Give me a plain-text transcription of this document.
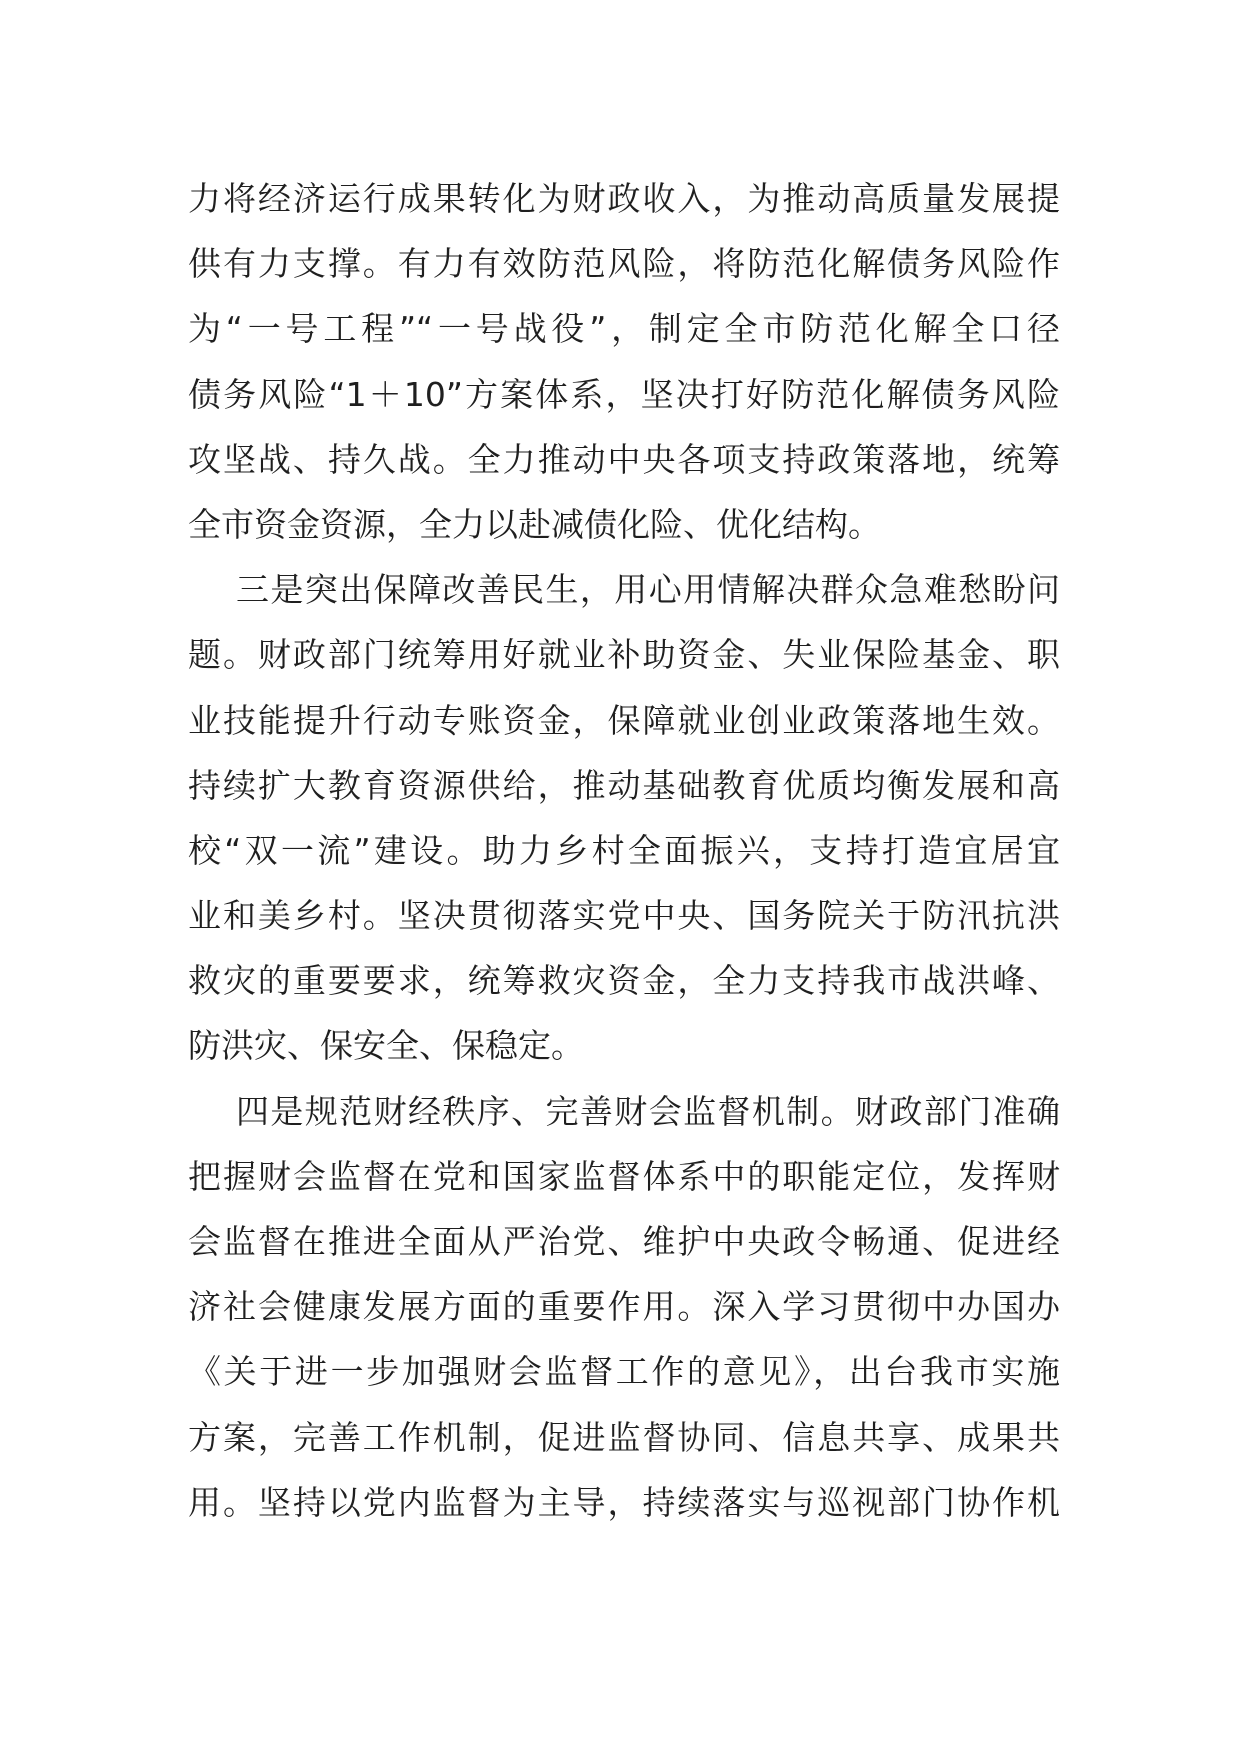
力将经济运行成果转化为财政收入，为推动高质量发展提
供有力支撑。有力有效防范风险，将防范化解债务风险作
为“一号工程”“一号战役”，制定全市防范化解全口径
债务风险“1＋10”方案体系，坚决打好防范化解债务风险
攻坚战、持久战。全力推动中央各项支持政策落地，统筹
全市资金资源，全力以赴减债化险、优化结构。
三是突出保障改善民生，用心用情解决群众急难愁盼问
题。财政部门统筹用好就业补助资金、失业保险基金、职
业技能提升行动专账资金，保障就业创业政策落地生效。
持续扩大教育资源供给，推动基础教育优质均衡发展和高
校“双一流”建设。助力乡村全面振兴，支持打造宜居宜
业和美乡村。坚决贯彻落实党中央、国务院关于防汛抗洪
救灾的重要要求，统筹救灾资金，全力支持我市战洪峰、
防洪灾、保安全、保稳定。
四是规范财经秩序、完善财会监督机制。财政部门准确
把握财会监督在党和国家监督体系中的职能定位，发挥财
会监督在推进全面从严治党、维护中央政令畅通、促进经
济社会健康发展方面的重要作用。深入学习贯彻中办国办
《关于进一步加强财会监督工作的意见》，出台我市实施
方案，完善工作机制，促进监督协同、信息共享、成果共
用。坚持以党内监督为主导，持续落实与巡视部门协作机
